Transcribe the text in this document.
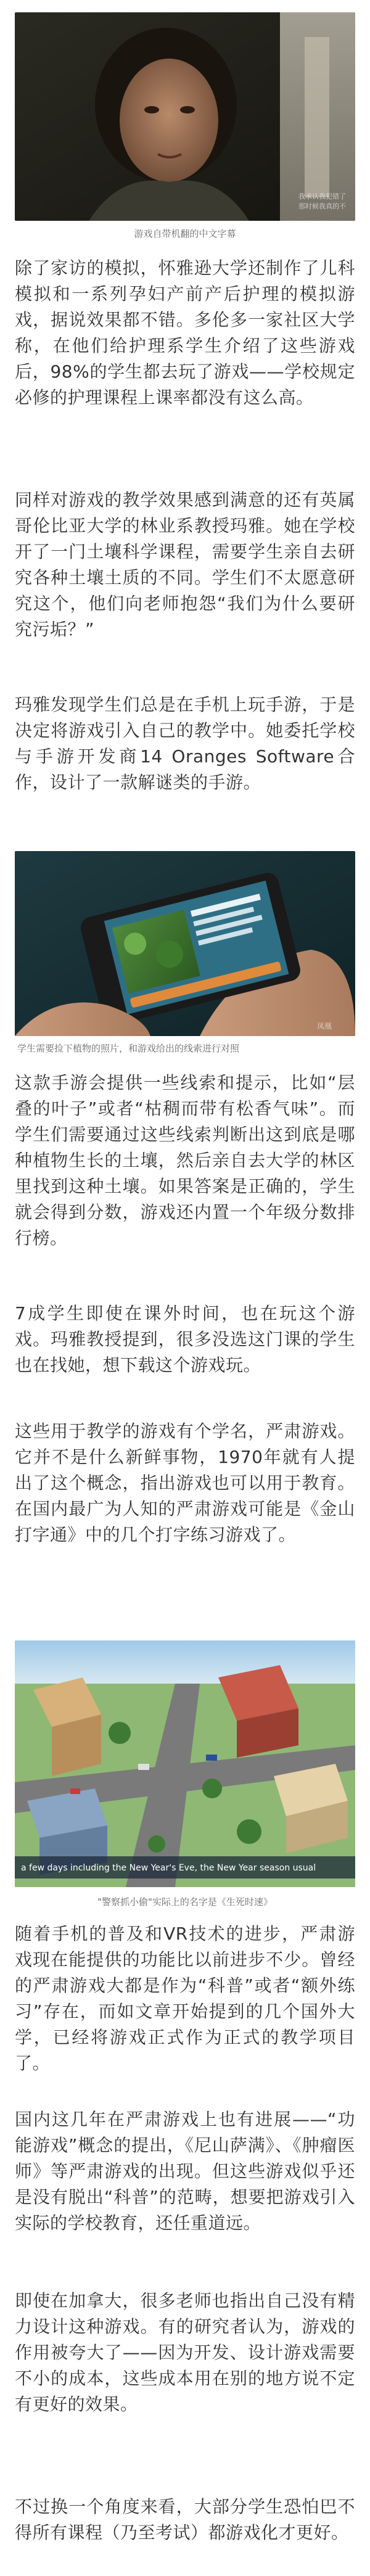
我承认我犯错了
那时候我真的不
游戏自带机翻的中文字幕

除了家访的模拟，怀雅逊大学还制作了儿科模拟和一系列孕妇产前产后护理的模拟游戏，据说效果都不错。多伦多一家社区大学称，在他们给护理系学生介绍了这些游戏后，98%的学生都去玩了游戏——学校规定必修的护理课程上课率都没有这么高。

同样对游戏的教学效果感到满意的还有英属哥伦比亚大学的林业系教授玛雅。她在学校开了一门土壤科学课程，需要学生亲自去研究各种土壤土质的不同。学生们不太愿意研究这个，他们向老师抱怨“我们为什么要研究污垢？”

玛雅发现学生们总是在手机上玩手游，于是决定将游戏引入自己的教学中。她委托学校与手游开发商14 Oranges Software合作，设计了一款解谜类的手游。

凤凰
学生需要捡下植物的照片，和游戏给出的线索进行对照

这款手游会提供一些线索和提示，比如“层叠的叶子”或者“枯稠而带有松香气味”。而学生们需要通过这些线索判断出这到底是哪种植物生长的土壤，然后亲自去大学的林区里找到这种土壤。如果答案是正确的，学生就会得到分数，游戏还内置一个年级分数排行榜。

7成学生即使在课外时间，也在玩这个游戏。玛雅教授提到，很多没选这门课的学生也在找她，想下载这个游戏玩。

这些用于教学的游戏有个学名，严肃游戏。它并不是什么新鲜事物，1970年就有人提出了这个概念，指出游戏也可以用于教育。在国内最广为人知的严肃游戏可能是《金山打字通》中的几个打字练习游戏了。

a few days including the New Year's Eve, the New Year season usual
"警察抓小偷"实际上的名字是《生死时速》

随着手机的普及和VR技术的进步，严肃游戏现在能提供的功能比以前进步不少。曾经的严肃游戏大都是作为“科普”或者“额外练习”存在，而如文章开始提到的几个国外大学，已经将游戏正式作为正式的教学项目了。

国内这几年在严肃游戏上也有进展——“功能游戏”概念的提出，《尼山萨满》、《肿瘤医师》等严肃游戏的出现。但这些游戏似乎还是没有脱出“科普”的范畴，想要把游戏引入实际的学校教育，还任重道远。

即使在加拿大，很多老师也指出自己没有精力设计这种游戏。有的研究者认为，游戏的作用被夸大了——因为开发、设计游戏需要不小的成本，这些成本用在别的地方说不定有更好的效果。

不过换一个角度来看，大部分学生恐怕巴不得所有课程（乃至考试）都游戏化才更好。
